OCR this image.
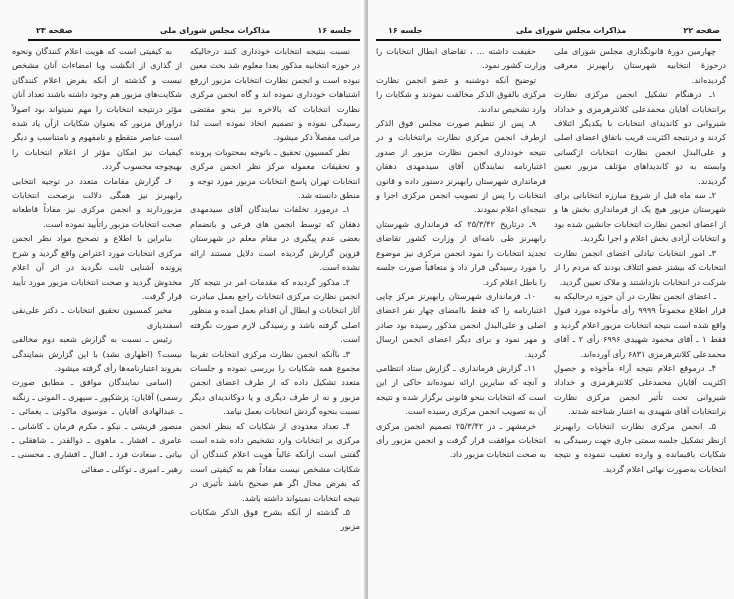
صفحه ۲۳	مذاکرات مجلس شورای ملی	جلسه ۱۶

نسبت بنتیجه انتخابات خودداری کنند درحالیکه در حوزه انتخابیه مذکور بعدا معلوم شد بحث معین نبوده است و انجمن نظارت انتخابات مزبور ازرفع اشتباهات خودداری نموده اند و گاه انجمن مرکزی نظارت انتخابات که بالاخره نیز بنحو مقتضی رسیدگی نموده و تصمیم اتخاذ نموده است لذا مراتب مفصلاً ذکر میشود.

نظر کمسیون تحقیق ـ باتوجه بمحتویات پرونده و تحقیقات معموله مرکز نظر انجمن مرکزی انتخابات تهران پاسخ انتخابات مزبور مورد توجه و منطق دانسته شد.

۱ـ درمورد تخلفات نمایندگان آقای سیدمهدی دهقان که توسط انجمن های فرعی و بانضمام بعضی عدم پیگیری در مقام معلم در شهرستان قزوین گزارش گردیده است دلایل مستند ارائه نشده است.

۲ـ مذکور گردیده که مقدمات امر در نتیجه کار انجمن نظارت مرکزی انتخابات راجع بعمل مبادرت آثار انتخابات و ابطال آن اقدام بعمل آمده و منظور اصلی گرفته باشد و رسیدگی لازم صورت نگرفته است.

۳ـ باآنکه انجمن نظارت مرکزی انتخابات تقریبا مجموع همه شکایات را بررسی نموده و جلسات متعدد تشکیل داده که از طرف اعضای انجمن مزبور و نه از طرف دیگری و یا دوکاندیدای دیگر نسبت بنحوه گردش انتخابات بعمل نیامد.

۴ـ تعداد معدودی از شکایات که بنظر انجمن مرکزی بر انتخابات وارد تشخیص داده شده است گفتنی است ازآنکه غالباً هویت اعلام کنندگان آن شکایات مشخص نیست مفاداً هم به کیفیتی است که بفرض محال اگر هم صحیح باشد تأثیری در نتیجه انتخابات نمیتواند داشته باشد.

۵ـ گذشته از آنکه بشرح فوق الذکر شکایات مزبور

به کیفیتی است که هویت اعلام کنندگان ونحوه از گذاری از انگشت وبا امضاءات آنان مشخص نیست و گذشته از آنکه بفرض اعلام کنندگان شکایت‌های مزبور هم وجود داشته باشند تعداد آنان مؤثر درنتیجه انتخابات را مهم نمیتواند بود اصولاً دراوراق مزبور که بعنوان شکایات ازآن یاد شده است عناصر متقطع و نامفهوم و نامتناسب و دیگر کیفیات نیز امکان مؤثر از اعلام انتخابات را بهیچوجه محسوب گردد.

۶ـ گزارش مقامات متعدد در توجیه انتخابی رابهبرنز نیز همگی دلالت برصحت انتخابات مزبوردارند و انجمن مرکزی نیز مفاداً قاطعانه صحت انتخابات مزبور راتأیید نموده است.

بنابراین با اطلاع و تصحیح مواد نظر انجمن مرکزی انتخابات مورد اعتراض واقع گردید و شرح پرونده آشنایی ثابت نگردید در اثر آن اعلام مخدوش گردید و صحت انتخابات مزبور مورد تأیید قرار گرفت.

مخبر کمسیون تحقیق انتخابات ـ دکتر علی‌نقی اسفندیاری

رئیس ـ نسبت به گزارش شعبه دوم مخالفی نیست؟ (اظهاری نشد) با این گزارش بنمایندگی بفروند اعتبارنامه‌ها رأی گرفته میشود.

(اسامی نمایندگان موافق ـ مطابق صورت رسمی) آقایان: پزشکپور ـ سپهری ـ الموتی ـ زنگنه ـ عبدالهادی آقایان ـ موسوی ماکوئی ـ یغمائی ـ منصور قریشی ـ نیکو ـ مکرم فرمان ـ کاشانی ـ عامری ـ افشار ـ ماهوی ـ ذوالقدر ـ شاهقلی ـ بیاتی ـ سعادت فرد ـ اقبال ـ افشاری ـ محسنی ـ رهبر ـ امیری ـ توکلی ـ صفائی

جلسه ۱۶	مذاکرات مجلس شورای ملی	صفحه ۲۲

چهارمین دورهٔ قانونگذاری مجلس شورای ملی درحوزهٔ انتخابیه شهرستان رابهبرنز معرفی گردیده‌اند.

۱ـ درهنگام تشکیل انجمن مرکزی نظارت برانتخابات آقایان محمدعلی کلانترهرمزی و خداداد شیروانی دو کاندیدای انتخابات با یکدیگر ائتلاف کردند و درنتیجه اکثریت قریب باتفاق اعضای اصلی و علی‌البدل انجمن نظارت انتخابات ازکسانی وابسته به دو کاندیداهای مؤتلف مزبور تعیین گردیدند.

۲ـ سه ماه قبل از شروع مبارزه انتخاباتی برای شهرستان مزبور هیچ یک از فرمانداری بخش ها و از اعضای انجمن نظارت انتخابات جانشین شده بود و انتخابات آزادی بخش اعلام و اجرا نگردید.

۳ـ امور انتخابات تبادلی اعضای انجمن نظارت انتخابات که بیشتر عضو ائتلاف بودند که مردم را از شرکت در انتخابات بازداشتند و ملاک تعیین گردید.

ـ اعضای انجمن نظارت در آن حوزه درحالیکه به قرار اطلاع مجموعاً ۹۹۹۹ رأی مأخوذه مورد قبول واقع شده است نتیجه انتخابات مزبور اعلام گردید و فقط ۱ ـ آقای محمود شهیدی ۶۹۹۶ رأی ۲ ـ آقای محمدعلی کلانترهرمزی ۶۸۳۱ رأی آورده‌اند.

۴ـ درموقع اعلام نتیجه آراء مأخوذه و حصول اکثریت آقایان محمدعلی کلانترهرمزی و خداداد شیروانی تحت تأثیر انجمن مرکزی نظارت برانتخابات آقای شهیدی به اعتبار شناخته شدند.

۵ـ انجمن مرکزی نظارت انتخابات رابهبرنز ازنظر تشکیل جلسه سمتی جاری جهت رسیدگی به شکایات باقیمانده و وارده تعقیب ننموده و نتیجه انتخابات به‌صورت نهائی اعلام گردید.

حقیقت داشته ... ، تقاضای ابطال انتخابات را وزارت کشور نمود.

توضیح آنکه دوشنبه و عضو انجمن نظارت مرکزی بالفوق الذکر مخالفت نمودند و شکایات را وارد تشخیص ندادند.

۸ـ پس از تنظیم صورت مجلس فوق الذکر ازطرف انجمن مرکزی نظارت برانتخابات و در نتیجه خودداری انجمن نظارت مزبور از صدور اعتبارنامه نمایندگان آقای سیدمهدی دهقان فرمانداری شهرستان رابهبرنز دستور داده و قانون انتخابات را پس از تصویب انجمن مرکزی اجرا و نتیجه‌ای اعلام نمودند.

۹ـ درتاریخ ۲۵/۳/۴۲ که فرمانداری شهرستان رابهبرنز طی نامه‌ای از وزارت کشور تقاضای تجدید انتخابات را نمود انجمن مرکزی نیز موضوع را مورد رسیدگی قرار داد و متعاقباً صورت جلسه را باطل اعلام کرد.

۱۰ـ فرمانداری شهرستان رابهبرنز مرکز چاپی اعتبارنامه را که فقط باامضای چهار نفر اعضای اصلی و علی‌البدل انجمن مذکور رسیده بود صادر و مهر نمود و برای دیگر اعضای انجمن ارسال گردید.

۱۱ـ گزارش فرمانداری ـ گزارش ستاد انتظامی و آنچه که سایرین ارائه نموده‌اند حاکی از این است که انتخابات بنحو قانونی برگزار شده و نتیجه آن به تصویب انجمن مرکزی رسیده است.

خرمشهر ـ در ۲۵/۳/۴۲ تصمیم انجمن مرکزی انتخابات موافقت قرار گرفت و انجمن مزبور رأی به صحت انتخابات مزبور داد.
